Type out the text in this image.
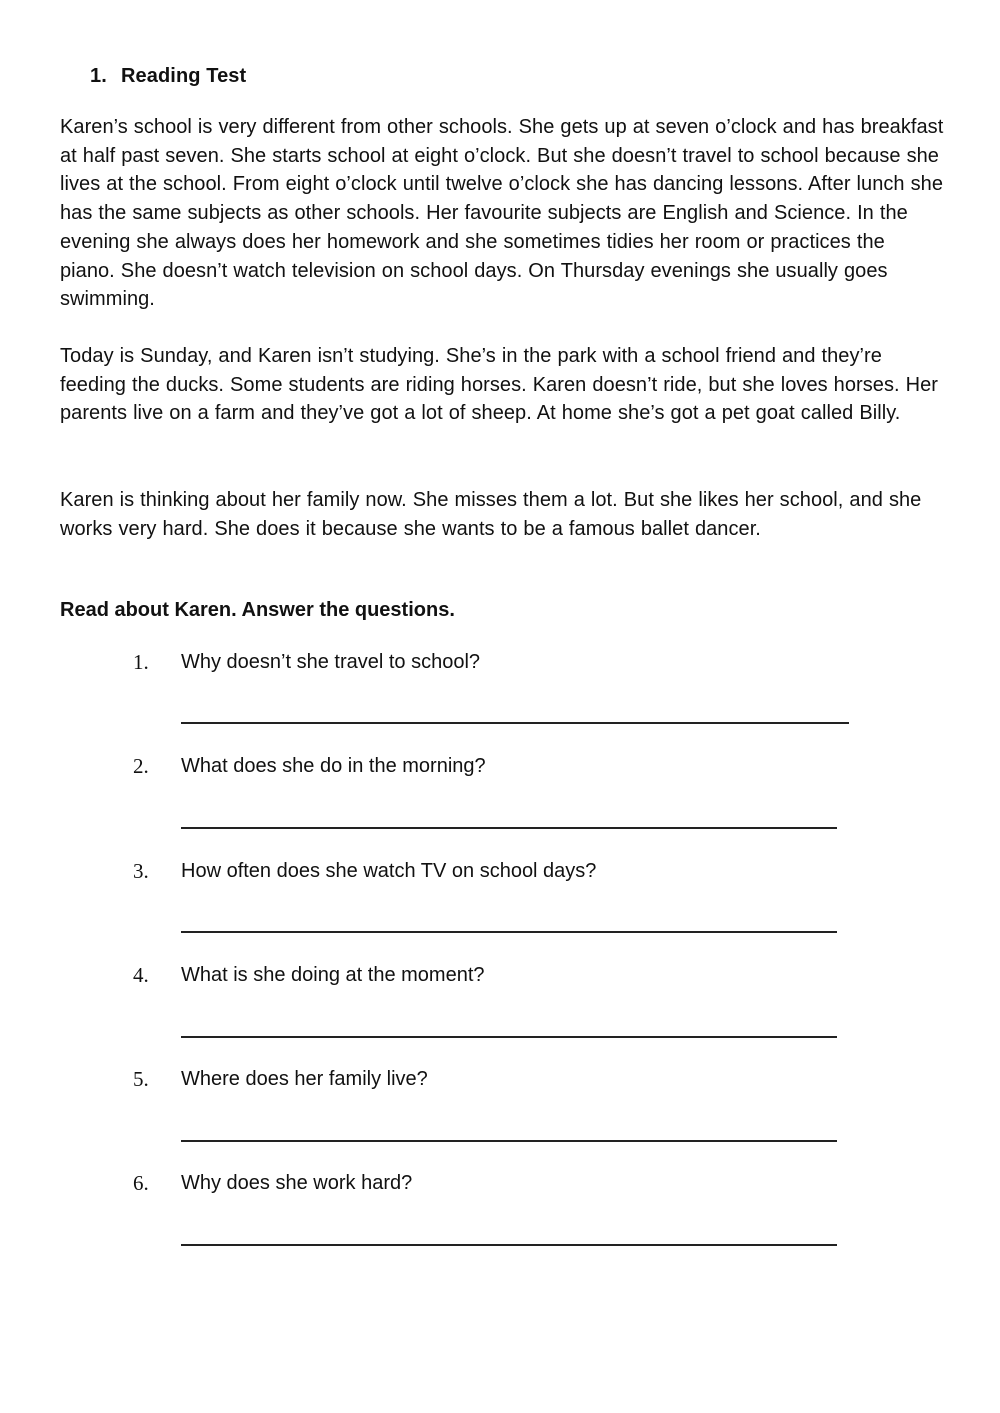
1. Reading Test

Karen’s school is very different from other schools. She gets up at seven o’clock and has breakfast at half past seven. She starts school at eight o’clock. But she doesn’t travel to school because she lives at the school. From eight o’clock until twelve o’clock she has dancing lessons. After lunch she has the same subjects as other schools. Her favourite subjects are English and Science. In the evening she always does her homework and she sometimes tidies her room or practices the piano. She doesn’t watch television on school days. On Thursday evenings she usually goes swimming.

Today is Sunday, and Karen isn’t studying. She’s in the park with a school friend and they’re feeding the ducks. Some students are riding horses. Karen doesn’t ride, but she loves horses. Her parents live on a farm and they’ve got a lot of sheep. At home she’s got a pet goat called Billy.

Karen is thinking about her family now. She misses them a lot. But she likes her school, and she works very hard. She does it because she wants to be a famous ballet dancer.

Read about Karen. Answer the questions.
1. Why doesn’t she travel to school?
2. What does she do in the morning?
3. How often does she watch TV on school days?
4. What is she doing at the moment?
5. Where does her family live?
6. Why does she work hard?
